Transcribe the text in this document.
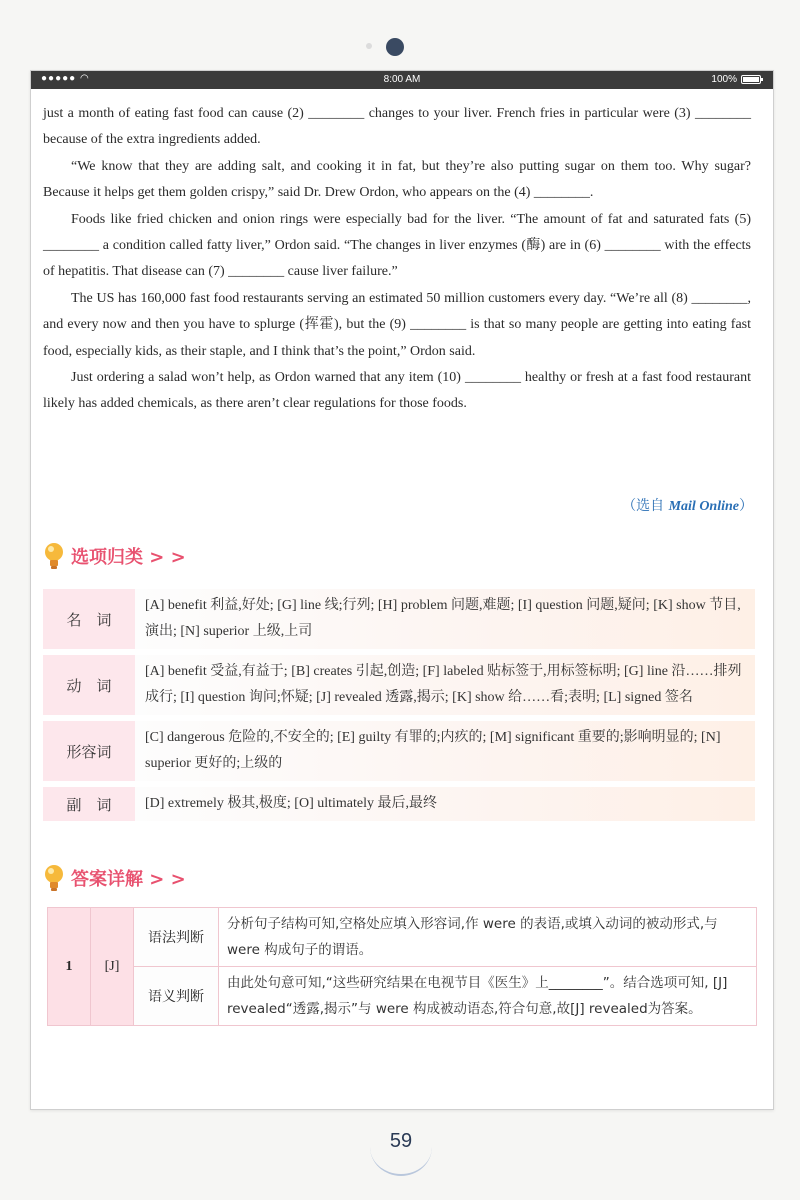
●●●●● ◠	8:00 AM	100%

just a month of eating fast food can cause (2) ________ changes to your liver. French fries in particular were (3) ________ because of the extra ingredients added.

“We know that they are adding salt, and cooking it in fat, but they’re also putting sugar on them too. Why sugar? Because it helps get them golden crispy,” said Dr. Drew Ordon, who appears on the (4) ________.

Foods like fried chicken and onion rings were especially bad for the liver. “The amount of fat and saturated fats (5) ________ a condition called fatty liver,” Ordon said. “The changes in liver enzymes (酶) are in (6) ________ with the effects of hepatitis. That disease can (7) ________ cause liver failure.”

The US has 160,000 fast food restaurants serving an estimated 50 million customers every day. “We’re all (8) ________, and every now and then you have to splurge (挥霍), but the (9) ________ is that so many people are getting into eating fast food, especially kids, as their staple, and I think that’s the point,” Ordon said.

Just ordering a salad won’t help, as Ordon warned that any item (10) ________ healthy or fresh at a fast food restaurant likely has added chemicals, as there aren’t clear regulations for those foods.

（选自 Mail Online）
选项归类 > >
名　词	[A] benefit 利益,好处; [G] line 线;行列; [H] problem 问题,难题; [I] question 问题,疑问; [K] show 节目,演出; [N] superior 上级,上司

动　词	[A] benefit 受益,有益于; [B] creates 引起,创造; [F] labeled 贴标签于,用标签标明; [G] line 沿……排列成行; [I] question 询问;怀疑; [J] revealed 透露,揭示; [K] show 给……看;表明; [L] signed 签名

形容词	[C] dangerous 危险的,不安全的; [E] guilty 有罪的;内疚的; [M] significant 重要的;影响明显的; [N] superior 更好的;上级的

副　词	[D] extremely 极其,极度; [O] ultimately 最后,最终
答案详解 > >
1	[J]	语法判断	分析句子结构可知,空格处应填入形容词,作 were 的表语,或填入动词的被动形式,与 were 构成句子的谓语。
		语义判断	由此处句意可知,“这些研究结果在电视节目《医生》上________”。结合选项可知, [J] revealed“透露,揭示”与 were 构成被动语态,符合句意,故[J] revealed为答案。
59
